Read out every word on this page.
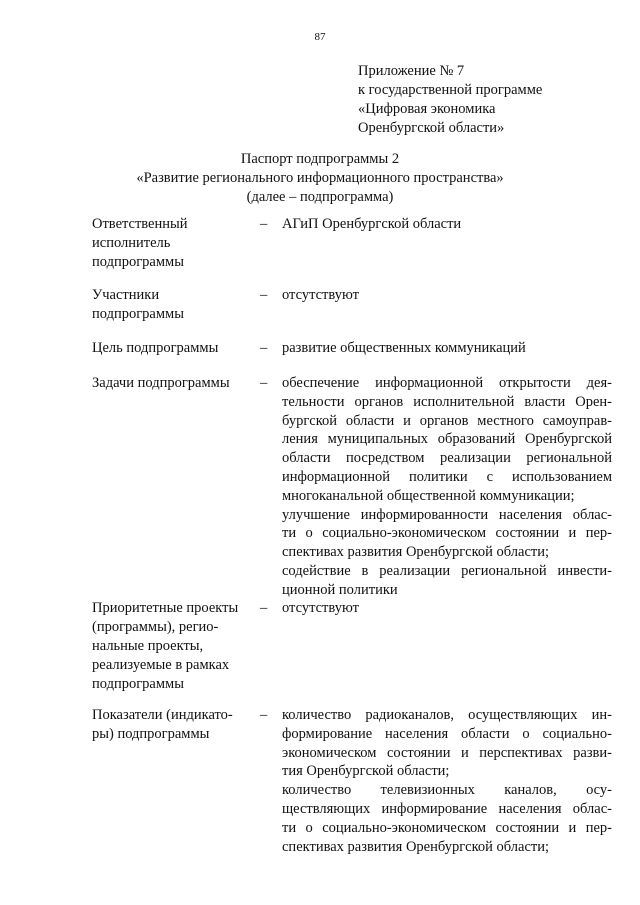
87
Приложение № 7
к государственной программе
«Цифровая экономика
Оренбургской области»
Паспорт подпрограммы 2
«Развитие регионального информационного пространства»
(далее – подпрограмма)
Ответственный
исполнитель
подпрограммы
– АГиП Оренбургской области
Участники
подпрограммы
– отсутствуют
Цель подпрограммы	– развитие общественных коммуникаций
Задачи подпрограммы	– обеспечение информационной открытости дея-
тельности органов исполнительной власти Орен-
бургской области и органов местного самоуправ-
ления муниципальных образований Оренбургской
области посредством реализации региональной
информационной политики с использованием
многоканальной общественной коммуникации;
улучшение информированности населения облас-
ти о социально-экономическом состоянии и пер-
спективах развития Оренбургской области;
содействие в реализации региональной инвести-
ционной политики
Приоритетные проекты
(программы), регио-
нальные проекты,
реализуемые в рамках
подпрограммы
– отсутствуют
Показатели (индикато-
ры) подпрограммы
– количество радиоканалов, осуществляющих ин-
формирование населения области о социально-
экономическом состоянии и перспективах разви-
тия Оренбургской области;
количество телевизионных каналов, осу-
ществляющих информирование населения облас-
ти о социально-экономическом состоянии и пер-
спективах развития Оренбургской области;
